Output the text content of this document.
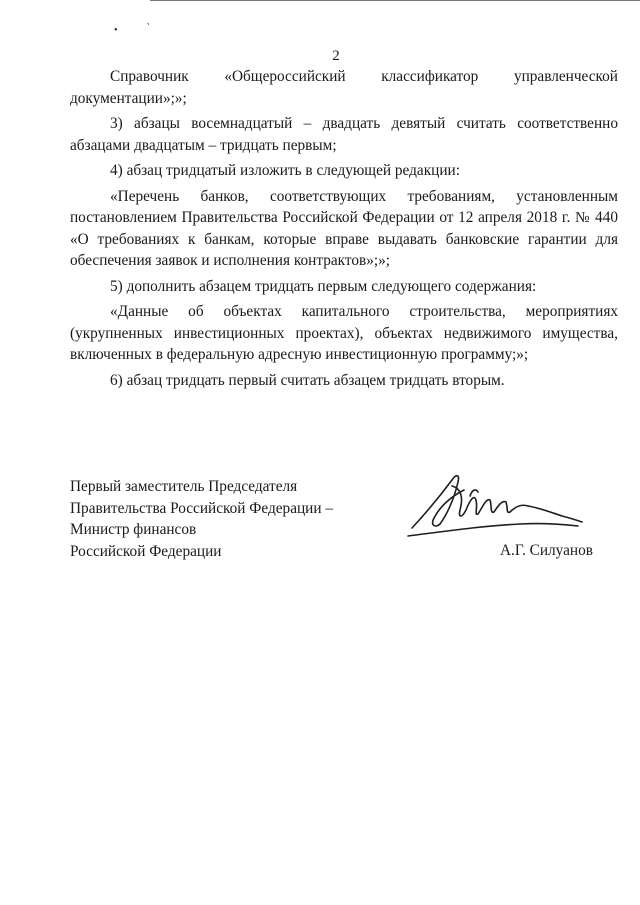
•	'
2
Справочник «Общероссийский классификатор управленческой
документации»;»;

3) абзацы восемнадцатый – двадцать девятый считать соответственно абзацами двадцатым – тридцать первым;

4) абзац тридцатый изложить в следующей редакции:

«Перечень банков, соответствующих требованиям, установленным постановлением Правительства Российской Федерации от 12 апреля 2018 г. № 440 «О требованиях к банкам, которые вправе выдавать банковские гарантии для обеспечения заявок и исполнения контрактов»;»;

5) дополнить абзацем тридцать первым следующего содержания:

«Данные об объектах капитального строительства, мероприятиях (укрупненных инвестиционных проектах), объектах недвижимого имущества, включенных в федеральную адресную инвестиционную программу;»;

6) абзац тридцать первый считать абзацем тридцать вторым.

Первый заместитель Председателя
Правительства Российской Федерации –
Министр финансов
Российской Федерации	А.Г. Силуанов
